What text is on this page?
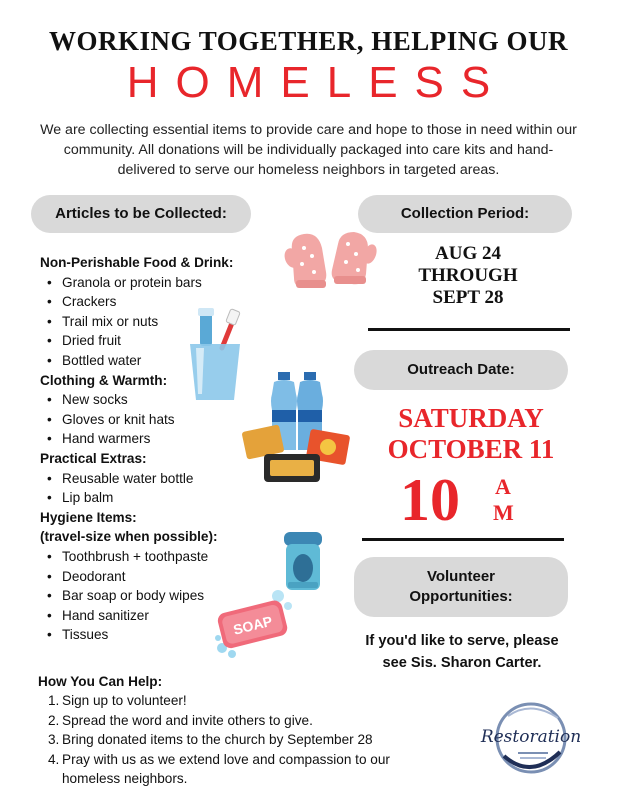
WORKING TOGETHER, HELPING OUR
HOMELESS
We are collecting essential items to provide care and hope to those in need within our community. All donations will be individually packaged into care kits and hand-delivered to serve our homeless neighbors in targeted areas.
Articles to be Collected:
Non-Perishable Food & Drink:
• Granola or protein bars
• Crackers
• Trail mix or nuts
• Dried fruit
• Bottled water
Clothing & Warmth:
• New socks
• Gloves or knit hats
• Hand warmers
Practical Extras:
• Reusable water bottle
• Lip balm
Hygiene Items:
(travel-size when possible):
• Toothbrush + toothpaste
• Deodorant
• Bar soap or body wipes
• Hand sanitizer
• Tissues	SOAP
Collection Period:
AUG 24
THROUGH
SEPT 28
Outreach Date:
SATURDAY
OCTOBER 11
10 A
M
Volunteer
Opportunities:
If you'd like to serve, please
see Sis. Sharon Carter.
How You Can Help:
1. Sign up to volunteer!
2. Spread the word and invite others to give.
3. Bring donated items to the church by September 28
4. Pray with us as we extend love and compassion to our
homeless neighbors.
Restoration
